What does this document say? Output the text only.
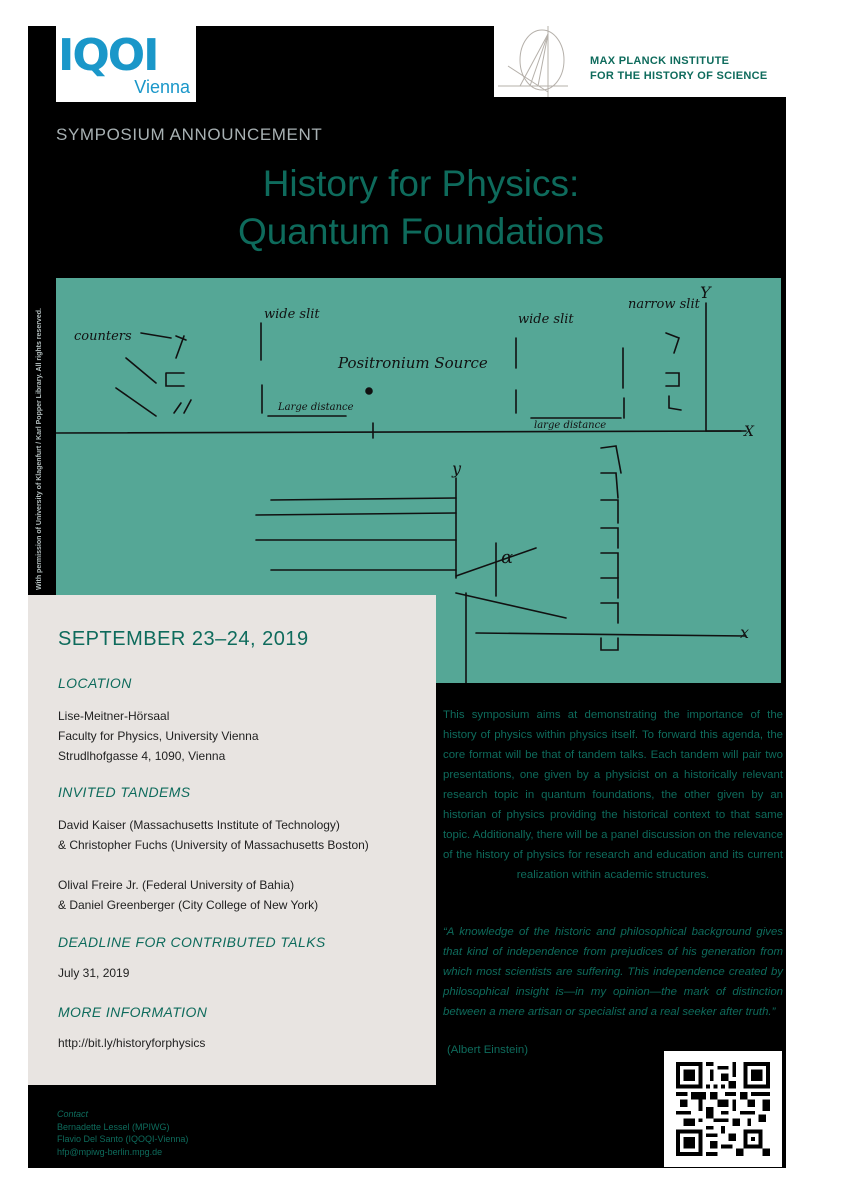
IQOI
Vienna
MAX PLANCK INSTITUTE
FOR THE HISTORY OF SCIENCE
SYMPOSIUM ANNOUNCEMENT
History for Physics:
Quantum Foundations
With permission of University of Klagenfurt / Karl Popper Library. All rights reserved. counters
wide slit
Positronium Source
Large distance
wide slit
narrow slit
large distance
Y
X
y
x
α
SEPTEMBER 23–24, 2019
LOCATION
Lise-Meitner-Hörsaal
Faculty for Physics, University Vienna
Strudlhofgasse 4, 1090, Vienna
INVITED TANDEMS
David Kaiser (Massachusetts Institute of Technology)
& Christopher Fuchs (University of Massachusetts Boston)
Olival Freire Jr. (Federal University of Bahia)
& Daniel Greenberger (City College of New York)
DEADLINE FOR CONTRIBUTED TALKS
July 31, 2019
MORE INFORMATION
http://bit.ly/historyforphysics
This symposium aims at demonstrating the importance of the history of physics within physics itself. To forward this agenda, the core format will be that of tandem talks. Each tandem will pair two presentations, one given by a physicist on a historically relevant research topic in quantum foundations, the other given by an historian of physics providing the historical context to that same topic. Additionally, there will be a panel discussion on the relevance of the history of physics for research and education and its current realization within academic structures.
“A knowledge of the historic and philosophical background gives that kind of independence from prejudices of his generation from which most scientists are suffering. This independence created by philosophical insight is—in my opinion—the mark of distinction between a mere artisan or specialist and a real seeker after truth.”
(Albert Einstein)
Contact
Bernadette Lessel (MPIWG)
Flavio Del Santo (IQOQI-Vienna)
hfp@mpiwg-berlin.mpg.de
